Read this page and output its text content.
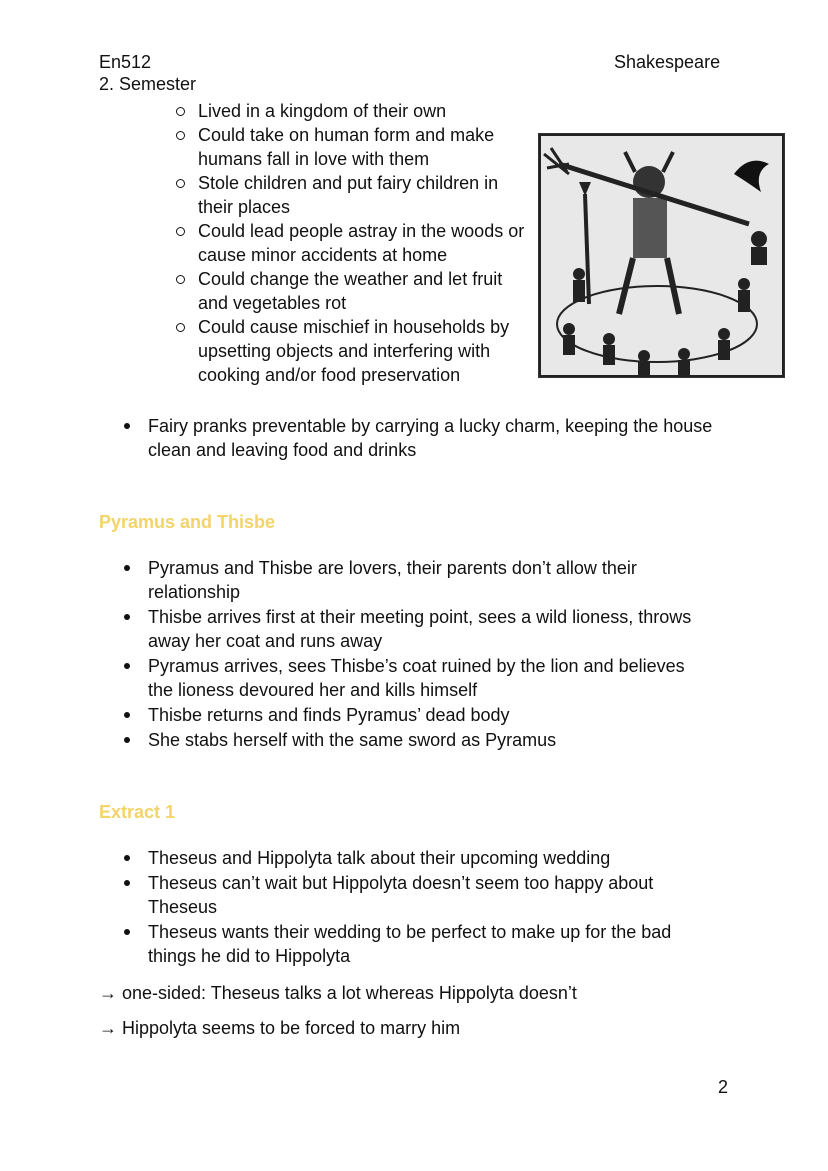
En512
2. Semester
Shakespeare
Lived in a kingdom of their own
Could take on human form and make humans fall in love with them
Stole children and put fairy children in their places
Could lead people astray in the woods or cause minor accidents at home
Could change the weather and let fruit and vegetables rot
Could cause mischief in households by upsetting objects and interfering with cooking and/or food preservation
Fairy pranks preventable by carrying a lucky charm, keeping the house clean and leaving food and drinks
Pyramus and Thisbe
Pyramus and Thisbe are lovers, their parents don’t allow their relationship
Thisbe arrives first at their meeting point, sees a wild lioness, throws away her coat and runs away
Pyramus arrives, sees Thisbe’s coat ruined by the lion and believes the lioness devoured her and kills himself
Thisbe returns and finds Pyramus’ dead body
She stabs herself with the same sword as Pyramus
Extract 1
Theseus and Hippolyta talk about their upcoming wedding
Theseus can’t wait but Hippolyta doesn’t seem too happy about Theseus
Theseus wants their wedding to be perfect to make up for the bad things he did to Hippolyta
→ one-sided: Theseus talks a lot whereas Hippolyta doesn’t
→ Hippolyta seems to be forced to marry him
2
